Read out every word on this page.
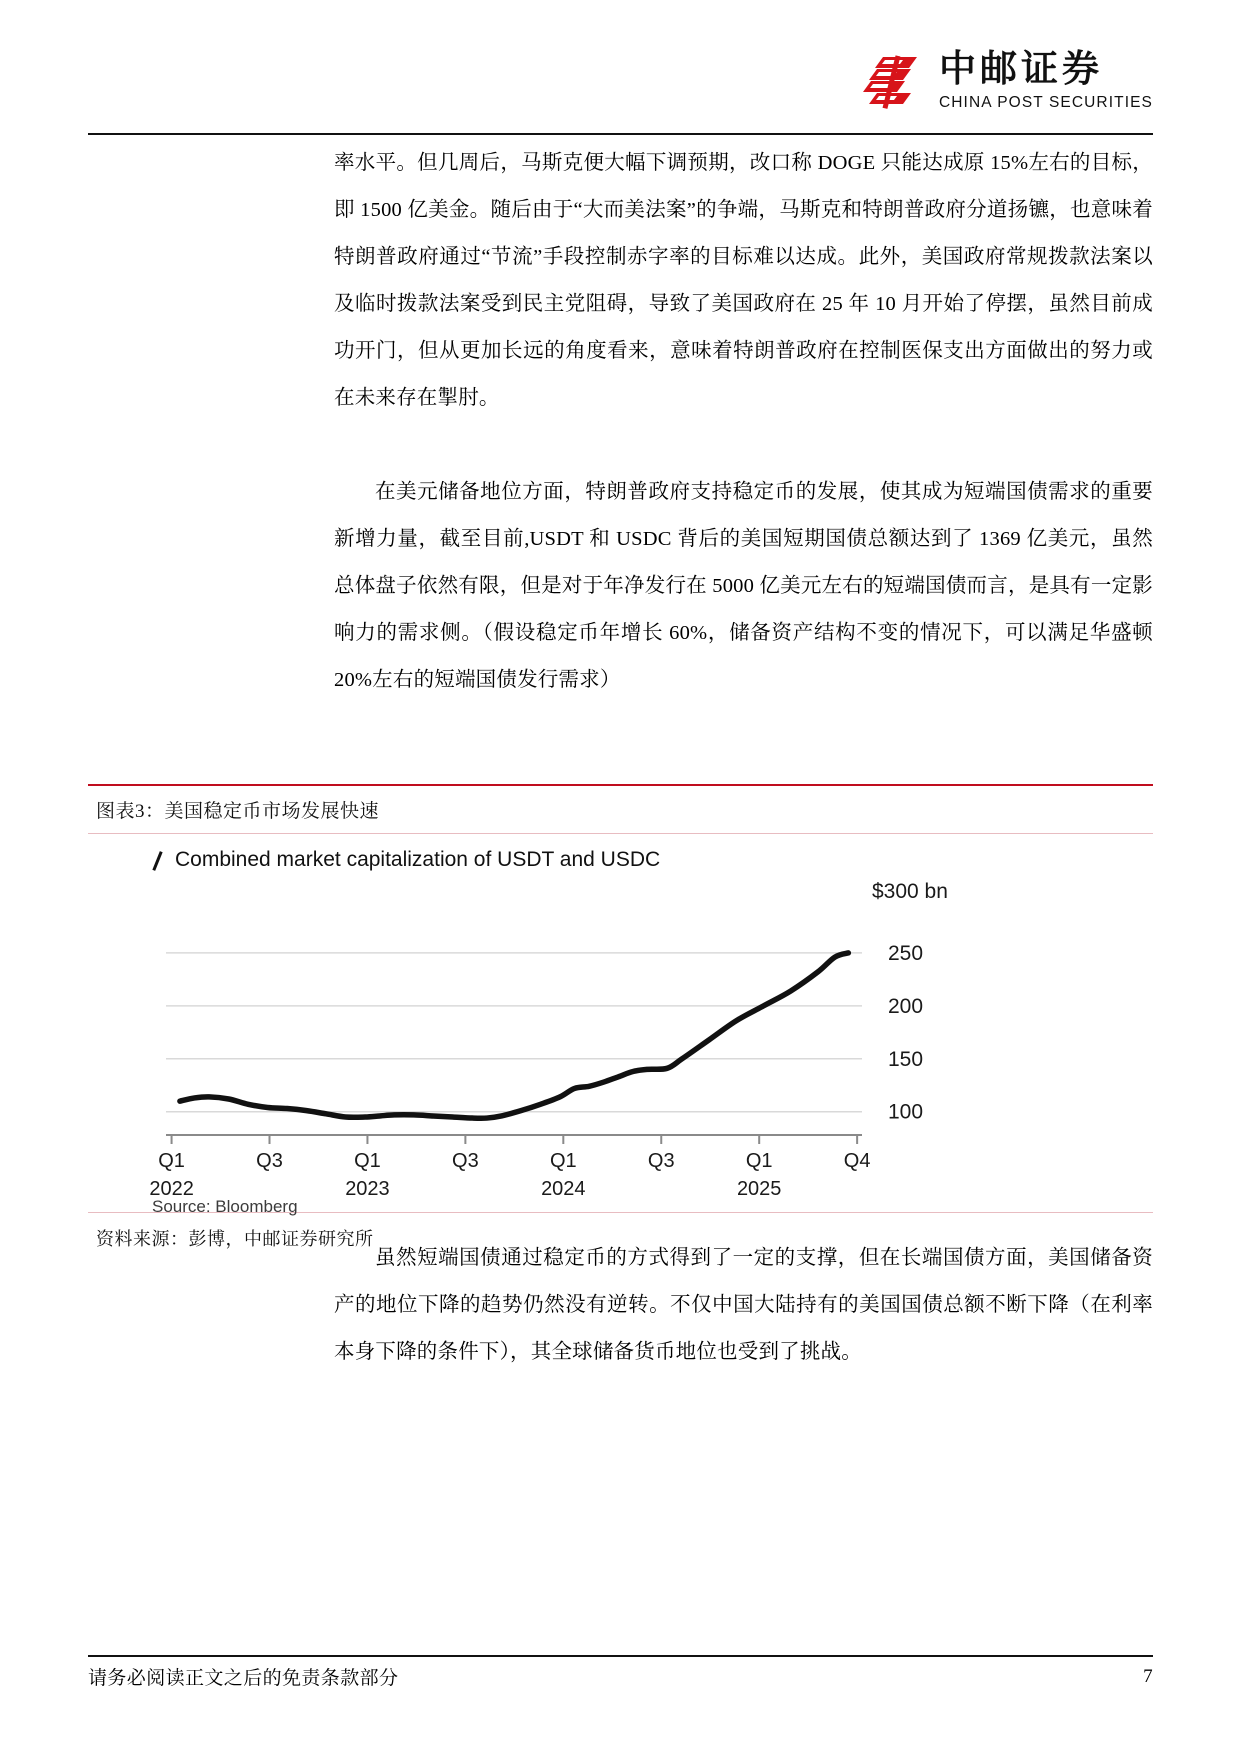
中邮证券
CHINA POST SECURITIES

率水平。但几周后，马斯克便大幅下调预期，改口称 DOGE 只能达成原 15%左右的目标，即 1500 亿美金。随后由于“大而美法案”的争端，马斯克和特朗普政府分道扬镳，也意味着特朗普政府通过“节流”手段控制赤字率的目标难以达成。此外，美国政府常规拨款法案以及临时拨款法案受到民主党阻碍，导致了美国政府在 25 年 10 月开始了停摆，虽然目前成功开门，但从更加长远的角度看来，意味着特朗普政府在控制医保支出方面做出的努力或在未来存在掣肘。

在美元储备地位方面，特朗普政府支持稳定币的发展，使其成为短端国债需求的重要新增力量，截至目前,USDT 和 USDC 背后的美国短期国债总额达到了 1369 亿美元，虽然总体盘子依然有限，但是对于年净发行在 5000 亿美元左右的短端国债而言，是具有一定影响力的需求侧。（假设稳定币年增长 60%，储备资产结构不变的情况下，可以满足华盛顿 20%左右的短端国债发行需求）

图表3：美国稳定币市场发展快速
Combined market capitalization of USDT and USDC
250
200
150
100
$300 bn
Q1
2022
Q3	Q1
2023
Q3	Q1
2024
Q3	Q1
2025
Q4
Source: Bloomberg
资料来源：彭博，中邮证券研究所

虽然短端国债通过稳定币的方式得到了一定的支撑，但在长端国债方面，美国储备资产的地位下降的趋势仍然没有逆转。不仅中国大陆持有的美国国债总额不断下降（在利率本身下降的条件下），其全球储备货币地位也受到了挑战。

请务必阅读正文之后的免责条款部分	7
